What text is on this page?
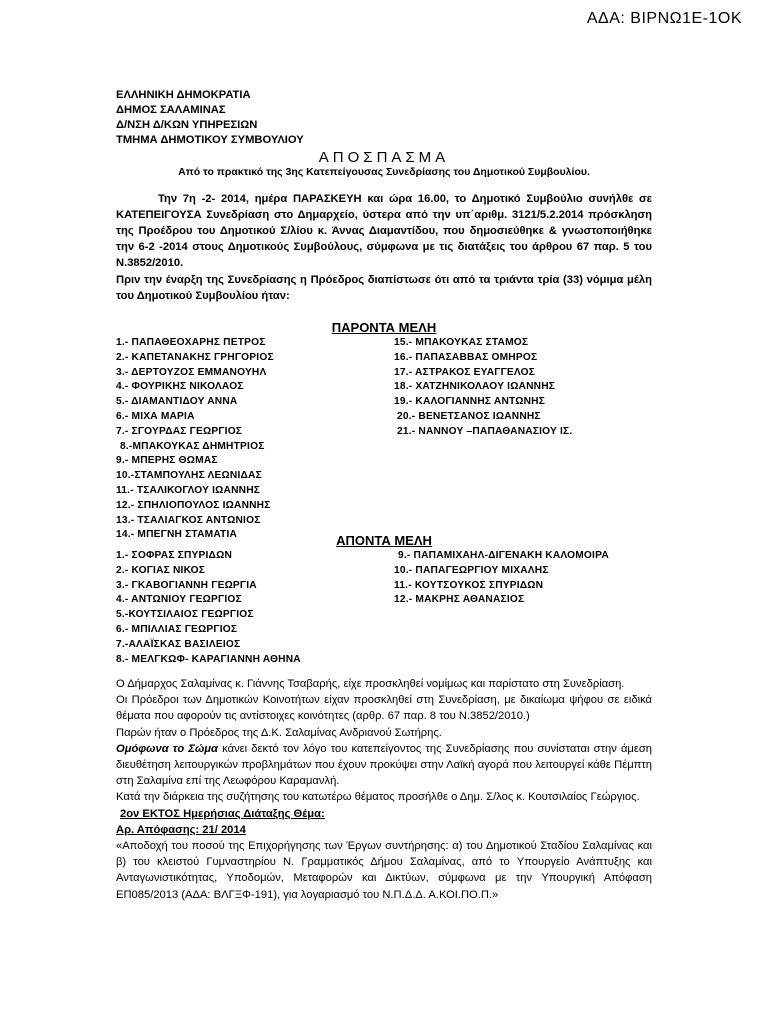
ΑΔΑ: ΒΙΡΝΩ1Ε-1ΟΚ
ΕΛΛΗΝΙΚΗ ΔΗΜΟΚΡΑΤΙΑ
ΔΗΜΟΣ ΣΑΛΑΜΙΝΑΣ
Δ/ΝΣΗ Δ/ΚΩΝ ΥΠΗΡΕΣΙΩΝ
ΤΜΗΜΑ ΔΗΜΟΤΙΚΟΥ ΣΥΜΒΟΥΛΙΟΥ
ΑΠΟΣΠΑΣΜΑ
Από το πρακτικό της 3ης Κατεπείγουσας Συνεδρίασης του Δημοτικού Συμβουλίου.
Την 7η -2- 2014, ημέρα ΠΑΡΑΣΚΕΥΗ και ώρα 16.00, το Δημοτικό Συμβούλιο συνήλθε σε ΚΑΤΕΠΕΙΓΟΥΣΑ Συνεδρίαση στο Δημαρχείο, ύστερα από την υπ΄αριθμ. 3121/5.2.2014 πρόσκληση της Προέδρου του Δημοτικού Σ/λίου κ. Άννας Διαμαντίδου, που δημοσιεύθηκε & γνωστοποιήθηκε την 6-2 -2014 στους Δημοτικούς Συμβούλους, σύμφωνα με τις διατάξεις του άρθρου 67 παρ. 5 του Ν.3852/2010.
Πριν την έναρξη της Συνεδρίασης η Πρόεδρος διαπίστωσε ότι από τα τριάντα τρία (33) νόμιμα μέλη του Δημοτικού Συμβουλίου ήταν:
ΠΑΡΟΝΤΑ ΜΕΛΗ
1.- ΠΑΠΑΘΕΟΧΑΡΗΣ ΠΕΤΡΟΣ
2.- ΚΑΠΕΤΑΝΑΚΗΣ ΓΡΗΓΟΡΙΟΣ
3.- ΔΕΡΤΟΥΖΟΣ ΕΜΜΑΝΟΥΗΛ
4.- ΦΟΥΡΙΚΗΣ ΝΙΚΟΛΑΟΣ
5.- ΔΙΑΜΑΝΤΙΔΟΥ ΑΝΝΑ
6.- ΜΙΧΑ ΜΑΡΙΑ
7.- ΣΓΟΥΡΔΑΣ ΓΕΩΡΓΙΟΣ
8.-ΜΠΑΚΟΥΚΑΣ ΔΗΜΗΤΡΙΟΣ
9.- ΜΠΕΡΗΣ ΘΩΜΑΣ
10.-ΣΤΑΜΠΟΥΛΗΣ ΛΕΩΝΙΔΑΣ
11.- ΤΣΑΛΙΚΟΓΛΟΥ ΙΩΑΝΝΗΣ
12.- ΣΠΗΛΙΟΠΟΥΛΟΣ ΙΩΑΝΝΗΣ
13.- ΤΣΑΛΙΑΓΚΟΣ ΑΝΤΩΝΙΟΣ
14.- ΜΠΕΓΝΗ ΣΤΑΜΑΤΙΑ
15.- ΜΠΑΚΟΥΚΑΣ ΣΤΑΜΟΣ
16.- ΠΑΠΑΣΑΒΒΑΣ ΟΜΗΡΟΣ
17.- ΑΣΤΡΑΚΟΣ ΕΥΑΓΓΕΛΟΣ
18.- ΧΑΤΖΗΝΙΚΟΛΑΟΥ ΙΩΑΝΝΗΣ
19.- ΚΑΛΟΓΙΑΝΝΗΣ ΑΝΤΩΝΗΣ
20.- ΒΕΝΕΤΣΑΝΟΣ ΙΩΑΝΝΗΣ
21.- ΝΑΝΝΟΥ –ΠΑΠΑΘΑΝΑΣΙΟΥ ΙΣ.
ΑΠΟΝΤΑ ΜΕΛΗ
1.- ΣΟΦΡΑΣ ΣΠΥΡΙΔΩΝ
2.- ΚΟΓΙΑΣ ΝΙΚΟΣ
3.- ΓΚΑΒΟΓΙΑΝΝΗ ΓΕΩΡΓΙΑ
4.- ΑΝΤΩΝΙΟΥ ΓΕΩΡΓΙΟΣ
5.-ΚΟΥΤΣΙΛΑΙΟΣ ΓΕΩΡΓΙΟΣ
6.- ΜΠΙΛΛΙΑΣ ΓΕΩΡΓΙΟΣ
7.-ΑΛΑΪΣΚΑΣ ΒΑΣΙΛΕΙΟΣ
8.- ΜΕΛΓΚΩΦ- ΚΑΡΑΓΙΑΝΝΗ ΑΘΗΝΑ
9.- ΠΑΠΑΜΙΧΑΗΛ-ΔΙΓΕΝΑΚΗ ΚΑΛΟΜΟΙΡΑ
10.- ΠΑΠΑΓΕΩΡΓΙΟΥ ΜΙΧΑΛΗΣ
11.- ΚΟΥΤΣΟΥΚΟΣ ΣΠΥΡΙΔΩΝ
12.- ΜΑΚΡΗΣ ΑΘΑΝΑΣΙΟΣ

Ο Δήμαρχος Σαλαμίνας κ. Γιάννης Τσαβαρής, είχε προσκληθεί νομίμως και παρίστατο στη Συνεδρίαση.

Οι Πρόεδροι των Δημοτικών Κοινοτήτων είχαν προσκληθεί στη Συνεδρίαση, με δικαίωμα ψήφου σε ειδικά θέματα που αφορούν τις αντίστοιχες κοινότητες (αρθρ. 67 παρ. 8 του Ν.3852/2010.)

Παρών ήταν ο Πρόεδρος της Δ.Κ. Σαλαμίνας Ανδριανού Σωτήρης.

Ομόφωνα το Σώμα κάνει δεκτό τον λόγο του κατεπείγοντος της Συνεδρίασης που συνίσταται στην άμεση διευθέτηση λειτουργικών προβλημάτων που έχουν προκύψει στην Λαϊκή αγορά που λειτουργεί κάθε Πέμπτη στη Σαλαμίνα επί της Λεωφόρου Καραμανλή.

Κατά την διάρκεια της συζήτησης του κατωτέρω θέματος προσήλθε ο Δημ. Σ/λος κ. Κουτσιλαίος Γεώργιος.

2ον ΕΚΤΟΣ Ημερήσιας Διάταξης Θέμα:

Αρ. Απόφασης: 21/ 2014

«Αποδοχή του ποσού της Επιχορήγησης των Έργων συντήρησης: α) του Δημοτικού Σταδίου Σαλαμίνας και β) του κλειστού Γυμναστηρίου Ν. Γραμματικός Δήμου Σαλαμίνας, από το Υπουργείο Ανάπτυξης και Ανταγωνιστικότητας, Υποδομών, Μεταφορών και Δικτύων, σύμφωνα με την Υπουργική Απόφαση ΕΠ085/2013 (ΑΔΑ: ΒΛΓΞΦ-191), για λογαριασμό του Ν.Π.Δ.Δ. Α.ΚΟΙ.ΠΟ.Π.»
